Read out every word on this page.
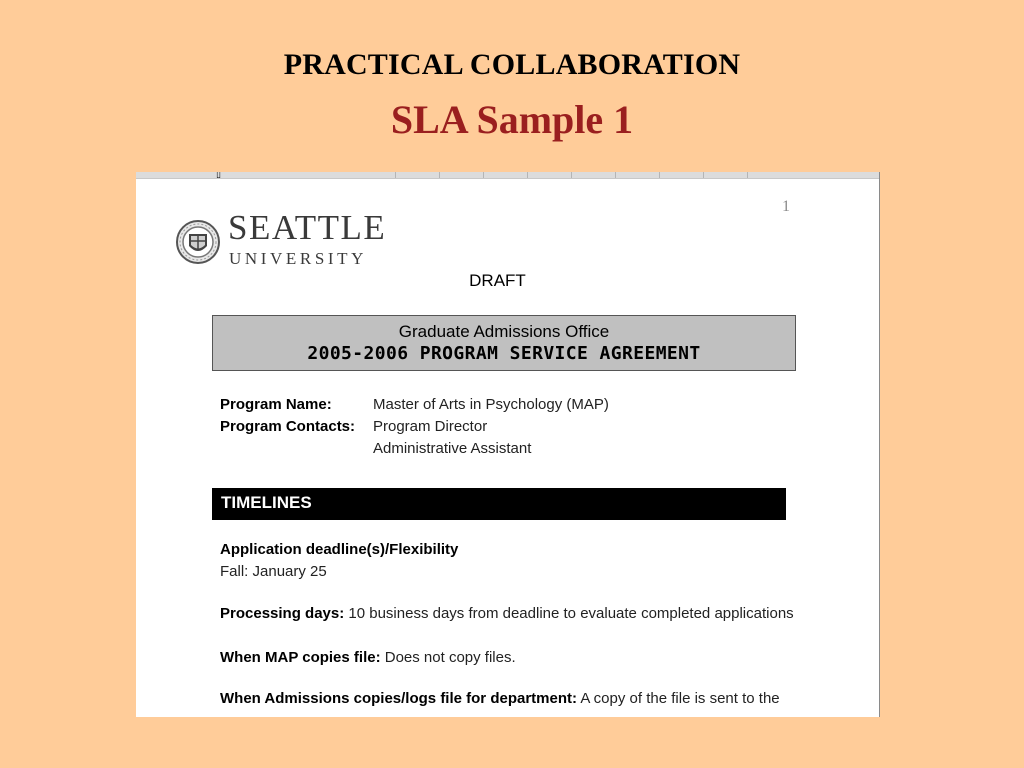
PRACTICAL COLLABORATION
SLA Sample 1
▯
1
SEATTLE
UNIVERSITY
DRAFT
Graduate Admissions Office
2005-2006 PROGRAM SERVICE AGREEMENT
Program Name:	Master of Arts in Psychology (MAP)
Program Contacts: Program Director
Administrative Assistant
TIMELINES
Application deadline(s)/Flexibility
Fall: January 25
Processing days: 10 business days from deadline to evaluate completed applications
When MAP copies file: Does not copy files.
When Admissions copies/logs file for department: A copy of the file is sent to the
